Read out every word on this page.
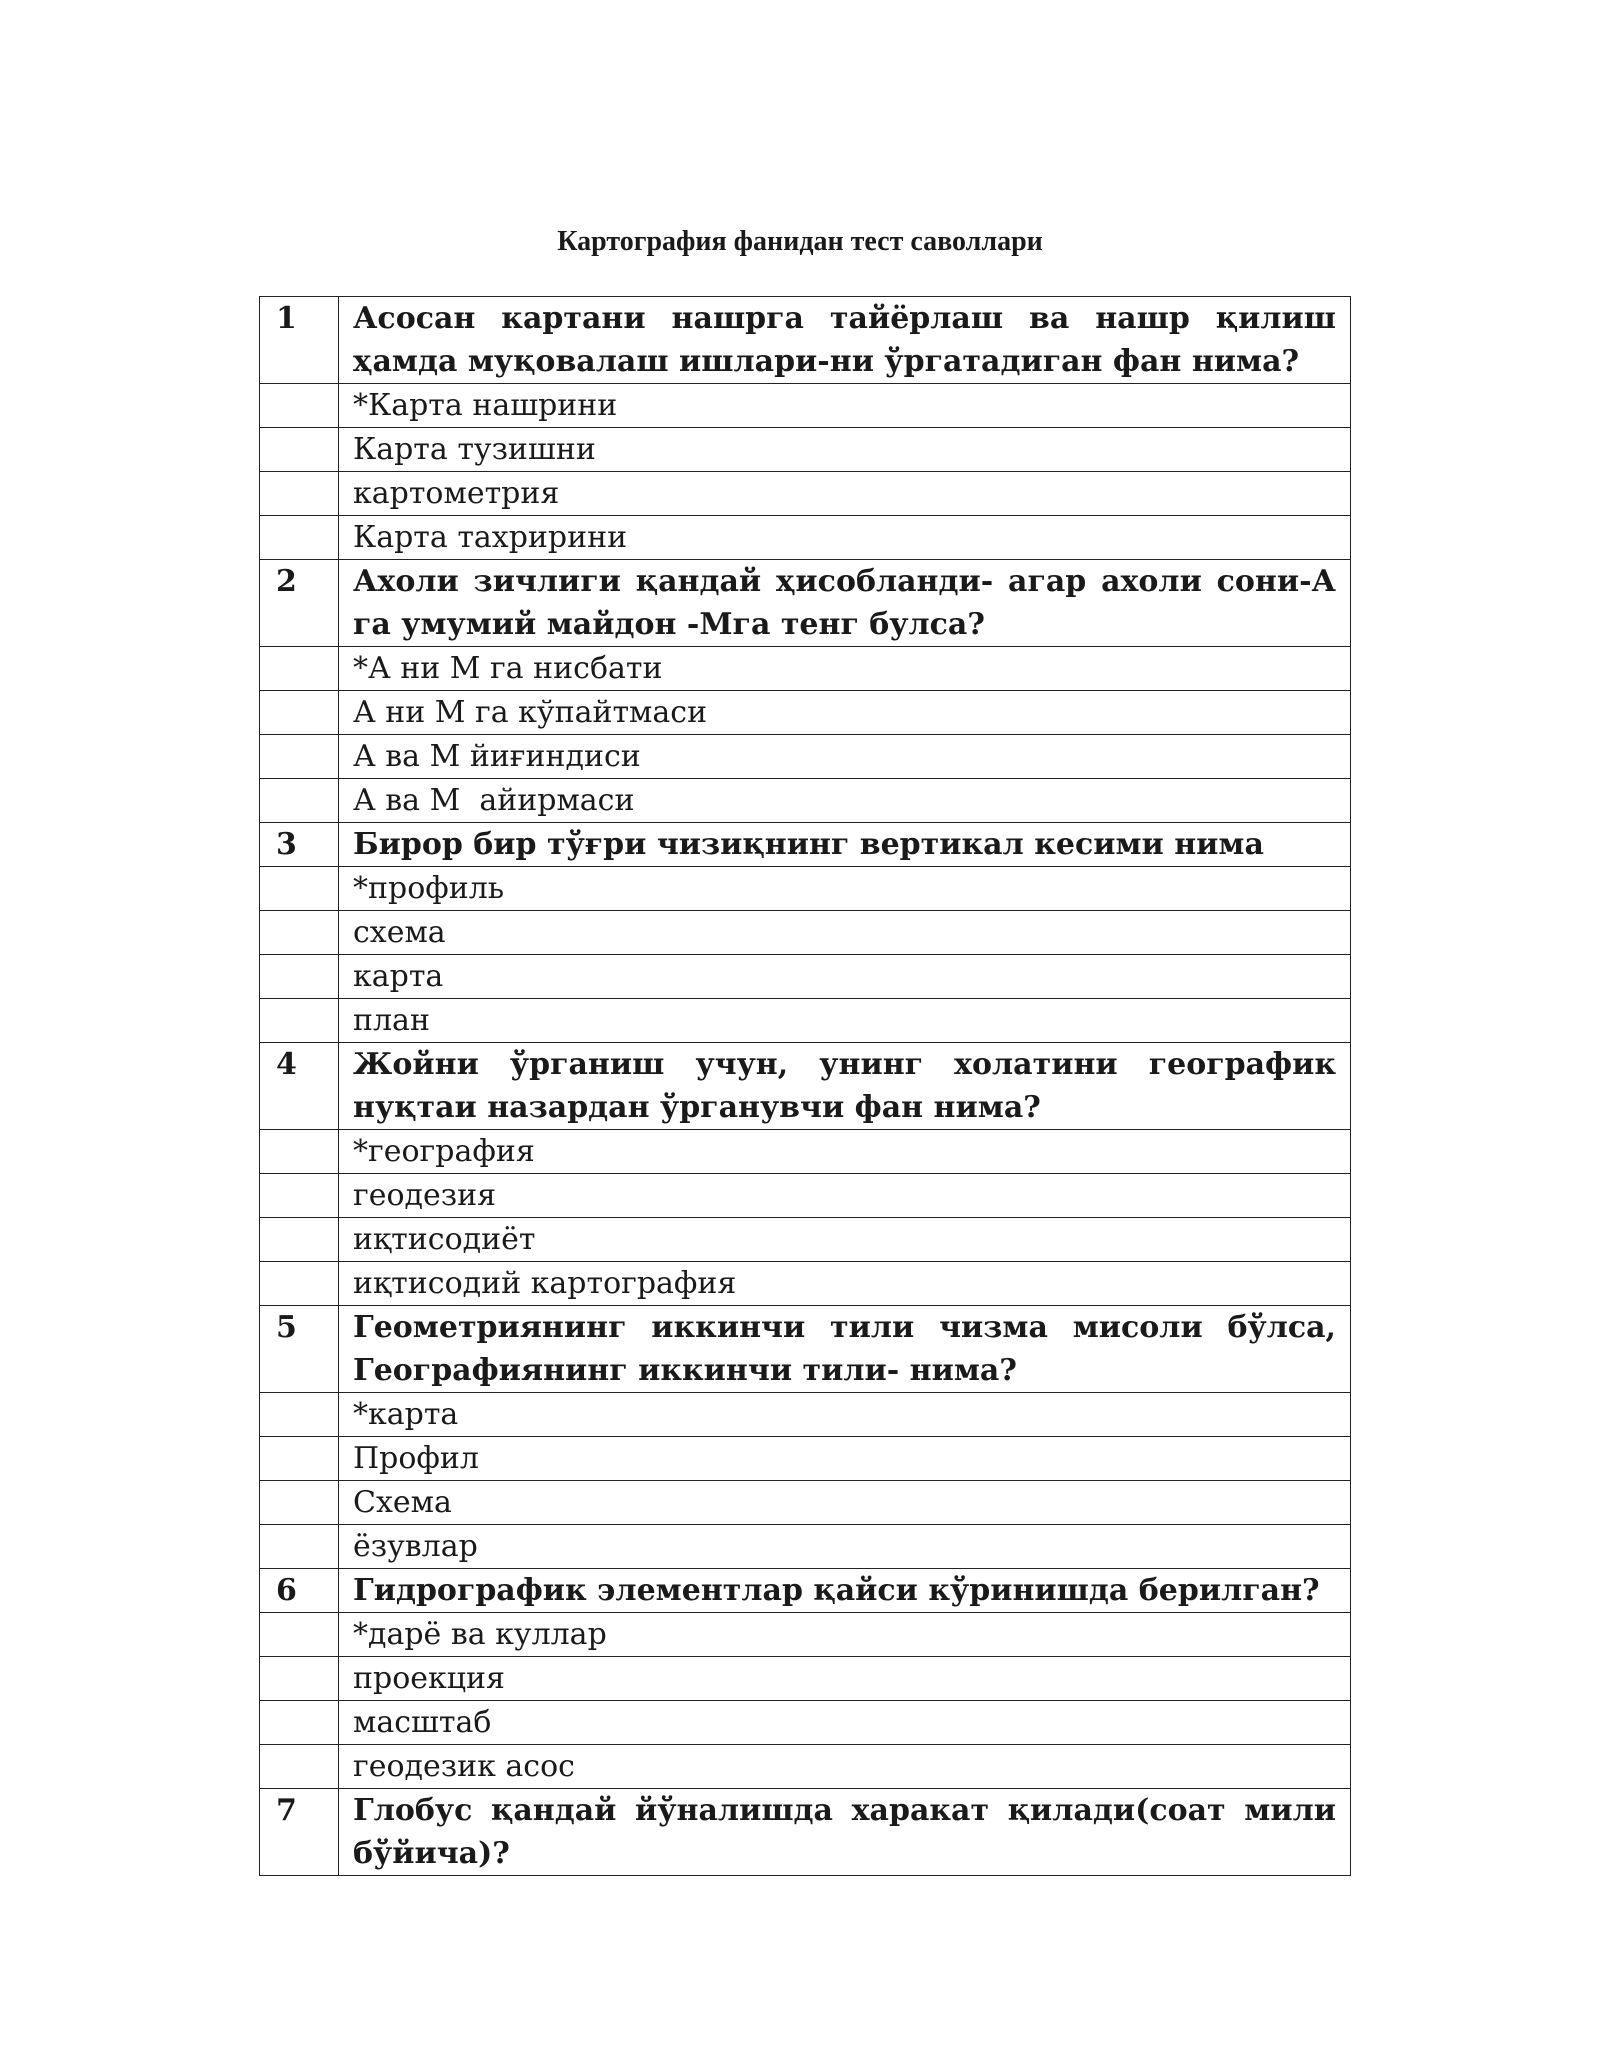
Картография фанидан тест саволлари
1	Асосан картани нашрга тайёрлаш ва нашр қилиш ҳамда муқовалаш ишлари-ни ўргатадиган фан нима?
	*Карта нашрини
	Карта тузишни
	картометрия
	Карта тахририни
2	Ахоли зичлиги қандай ҳисобланди- агар ахоли сони-А га умумий майдон -Мга тенг булса?
	*А ни М га нисбати
	А ни М га кўпайтмаси
	А ва М йиғиндиси
	А ва М  айирмаси
3	Бирор бир тўғри чизиқнинг вертикал кесими нима
	*профиль
	схема
	карта
	план
4	Жойни ўрганиш учун, унинг холатини географик нуқтаи назардан ўрганувчи фан нима?
	*география
	геодезия
	иқтисодиёт
	иқтисодий картография
5	Геометриянинг иккинчи тили чизма мисоли бўлса, Географиянинг иккинчи тили- нима?
	*карта
	Профил
	Схема
	ёзувлар
6	Гидрографик элементлар қайси кўринишда берилган?
	*дарё ва куллар
	проекция
	масштаб
	геодезик асос
7	Глобус қандай йўналишда харакат қилади(соат мили бўйича)?
